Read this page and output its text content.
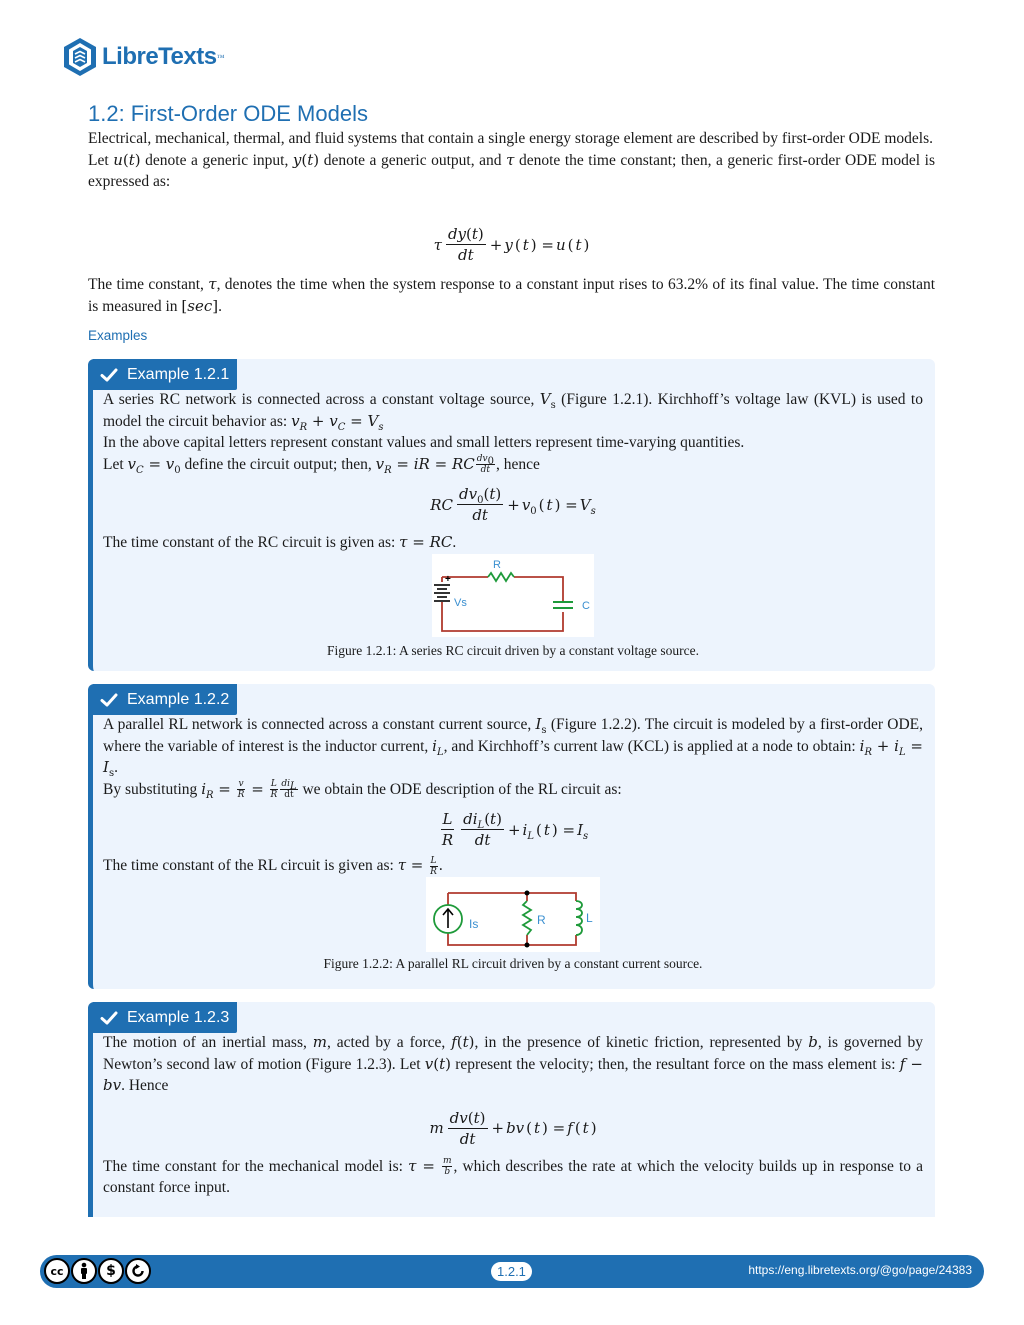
LibreTexts ™
1.2: First-Order ODE Models

Electrical, mechanical, thermal, and fluid systems that contain a single energy storage element are described by first-order ODE models.

Let u(t) denote a generic input, y(t) denote a generic output, and τ denote the time constant; then, a generic first-order ODE model is expressed as:

τ $\frac{dy(t)}{dt} + y$ ( t ) = u ( t )

The time constant, τ, denotes the time when the system response to a constant input rises to 63.2% of its final value. The time constant is measured in [sec].

Examples
Example 1.2.1

A series RC network is connected across a constant voltage source, $V_s$ (Figure 1.2.1). Kirchhoff’s voltage law (KVL) is used to model the circuit behavior as: $v_R + v_C = V_s$

In the above capital letters represent constant values and small letters represent time-varying quantities.

Let $v_C = v_0$ define the circuit output; then, $v_R$ = iR = RC $\frac{dv_0}{dt}$ , hence

RC $\frac{dv_0(t)}{dt} + v_0$ ( t ) = $V_s$

The time constant of the RC circuit is given as: τ = RC.

R
+
Vs	C
Figure 1.2.1: A series RC circuit driven by a constant voltage source.
Example 1.2.2

A parallel RL network is connected across a constant current source, $I_s$ (Figure 1.2.2). The circuit is modeled by a first-order ODE, where the variable of interest is the inductor current, $i_L$, and Kirchhoff’s current law (KCL) is applied at a node to obtain: $i_R + i_L = I_s$.

By substituting $i_R = \frac{v}{R} = \frac{L}{R} \frac{di_L}{dt}$ we obtain the ODE description of the RL circuit as:

$\frac{L}{R} \frac{di_L(t)}{dt} + i_L$ ( t ) = $I_s$

The time constant of the RL circuit is given as: $\tau = \frac{L}{R}$ .

Is	R	L
Figure 1.2.2: A parallel RL circuit driven by a constant current source.
Example 1.2.3

The motion of an inertial mass, m, acted by a force, f(t), in the presence of kinetic friction, represented by b, is governed by Newton’s second law of motion (Figure 1.2.3). Let v(t) represent the velocity; then, the resultant force on the mass element is: f − bv. Hence

m $\frac{dv(t)}{dt}$ + bv ( t ) = f ( t )

The time constant for the mechanical model is: $\tau = \frac{m}{b}$ , which describes the rate at which the velocity builds up in response to a constant force input.

cc	$	1.2.1	https://eng.libretexts.org/@go/page/24383
